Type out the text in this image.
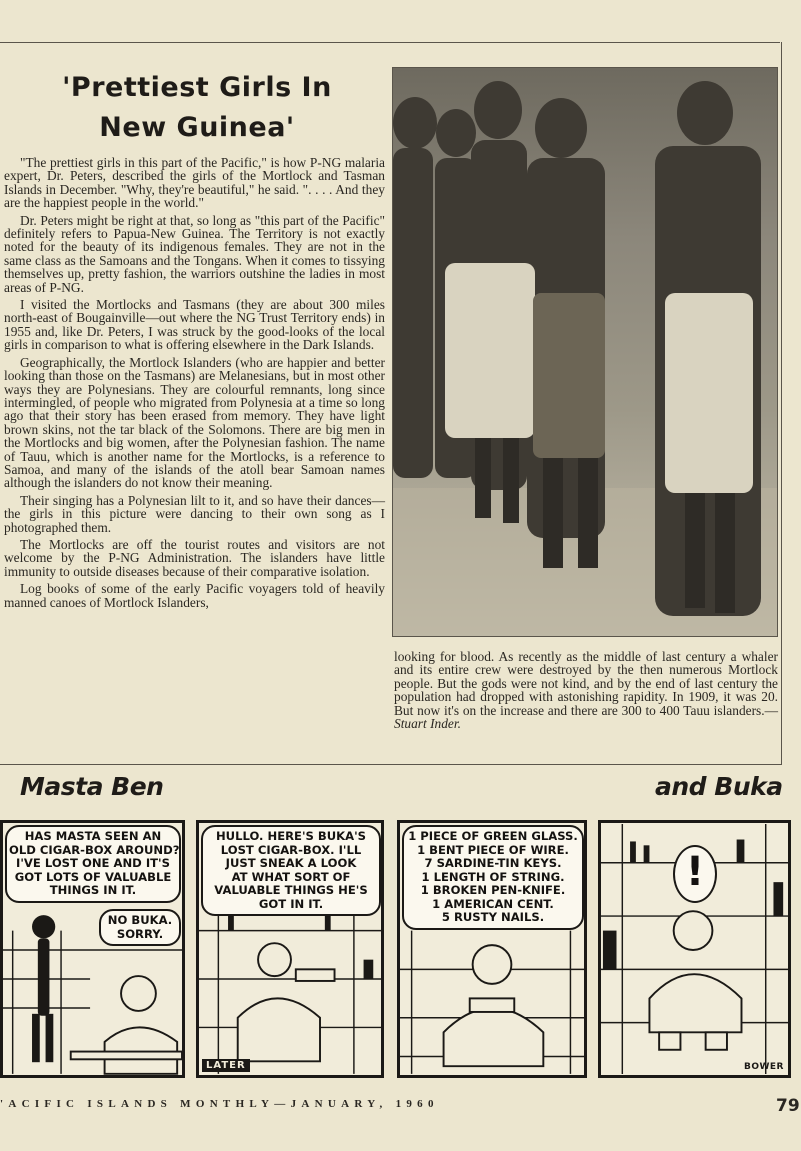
'Prettiest Girls In
New Guinea'

"The prettiest girls in this part of the Pacific," is how P-NG malaria expert, Dr. Peters, described the girls of the Mortlock and Tasman Islands in December. "Why, they're beautiful," he said. ". . . . And they are the happiest people in the world."

Dr. Peters might be right at that, so long as "this part of the Pacific" definitely refers to Papua-New Guinea. The Territory is not exactly noted for the beauty of its indigenous females. They are not in the same class as the Samoans and the Tongans. When it comes to tissying themselves up, pretty fashion, the warriors outshine the ladies in most areas of P-NG.

I visited the Mortlocks and Tasmans (they are about 300 miles north-east of Bougainville—out where the NG Trust Territory ends) in 1955 and, like Dr. Peters, I was struck by the good-looks of the local girls in comparison to what is offering elsewhere in the Dark Islands.

Geographically, the Mortlock Islanders (who are happier and better looking than those on the Tasmans) are Melanesians, but in most other ways they are Polynesians. They are colourful remnants, long since intermingled, of people who migrated from Polynesia at a time so long ago that their story has been erased from memory. They have light brown skins, not the tar black of the Solomons. There are big men in the Mortlocks and big women, after the Polynesian fashion. The name of Tauu, which is another name for the Mortlocks, is a reference to Samoa, and many of the islands of the atoll bear Samoan names although the islanders do not know their meaning.

Their singing has a Polynesian lilt to it, and so have their dances—the girls in this picture were dancing to their own song as I photographed them.

The Mortlocks are off the tourist routes and visitors are not welcome by the P-NG Administration. The islanders have little immunity to outside diseases because of their comparative isolation.

Log books of some of the early Pacific voyagers told of heavily manned canoes of Mortlock Islanders,

looking for blood. As recently as the middle of last century a whaler and its entire crew were destroyed by the then numerous Mortlock people. But the gods were not kind, and by the end of last century the population had dropped with astonishing rapidity. In 1909, it was 20. But now it's on the increase and there are 300 to 400 Tauu islanders.—Stuart Inder.

Masta Ben	and Buka
HAS MASTA SEEN AN
OLD CIGAR-BOX AROUND?
I'VE LOST ONE AND IT'S
GOT LOTS OF VALUABLE
THINGS IN IT.
NO BUKA.
SORRY.
HULLO. HERE'S BUKA'S
LOST CIGAR-BOX. I'LL
JUST SNEAK A LOOK
AT WHAT SORT OF
VALUABLE THINGS HE'S
GOT IN IT.
LATER
1 PIECE OF GREEN GLASS.
1 BENT PIECE OF WIRE.
7 SARDINE-TIN KEYS.
1 LENGTH OF STRING.
1 BROKEN PEN-KNIFE.
1 AMERICAN CENT.
5 RUSTY NAILS.
!
BOWER
'ACIFIC ISLANDS MONTHLY—JANUARY, 1960	79
